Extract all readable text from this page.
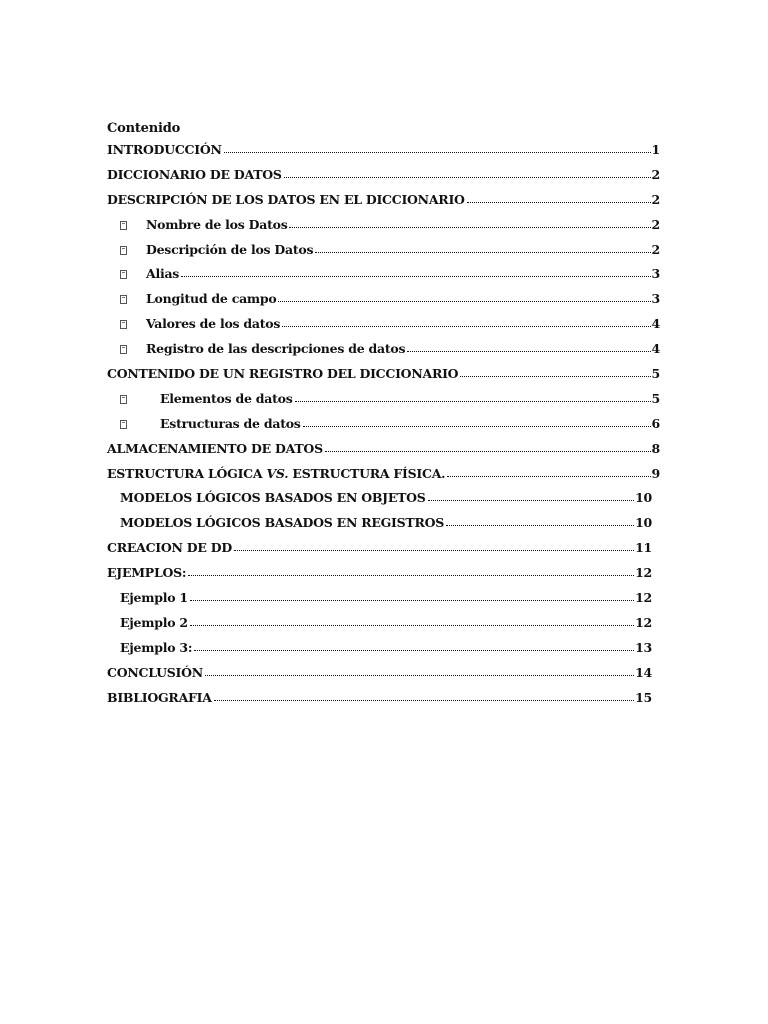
Contenido
INTRODUCCIÓN	1
DICCIONARIO DE DATOS	2
DESCRIPCIÓN DE LOS DATOS EN EL DICCIONARIO	2
Nombre de los Datos	2
Descripción de los Datos	2
Alias	3
Longitud de campo	3
Valores de los datos	4
Registro de las descripciones de datos	4
CONTENIDO DE UN REGISTRO DEL DICCIONARIO	5
Elementos de datos	5
Estructuras de datos	6
ALMACENAMIENTO DE DATOS	8
ESTRUCTURA LÓGICA VS. ESTRUCTURA FÍSICA.	9
MODELOS LÓGICOS BASADOS EN OBJETOS	10
MODELOS LÓGICOS BASADOS EN REGISTROS	10
CREACION DE DD	11
EJEMPLOS:	12
Ejemplo 1	12
Ejemplo 2	12
Ejemplo 3:	13
CONCLUSIÓN	14
BIBLIOGRAFIA	15
